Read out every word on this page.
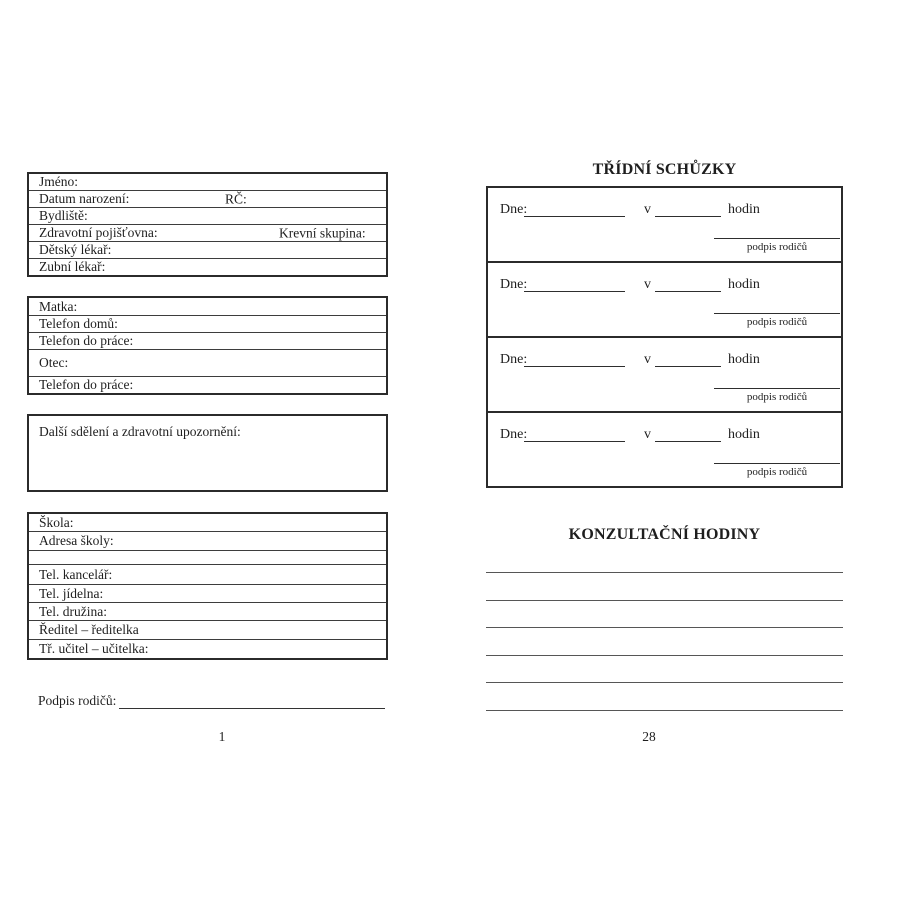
Jméno:
Datum narození:	RČ:
Bydliště:
Zdravotní pojišťovna:	Krevní skupina:
Dětský lékař:
Zubní lékař:
Matka:
Telefon domů:
Telefon do práce:
Otec:
Telefon do práce:
Další sdělení a zdravotní upozornění:
Škola:
Adresa školy:
Tel. kancelář:
Tel. jídelna:
Tel. družina:
Ředitel – ředitelka
Tř. učitel – učitelka:
Podpis rodičů:
1
TŘÍDNÍ SCHŮZKY
Dne:	v	hodin
podpis rodičů
Dne:	v	hodin
podpis rodičů
Dne:	v	hodin
podpis rodičů
Dne:	v	hodin
podpis rodičů
KONZULTAČNÍ HODINY
28
